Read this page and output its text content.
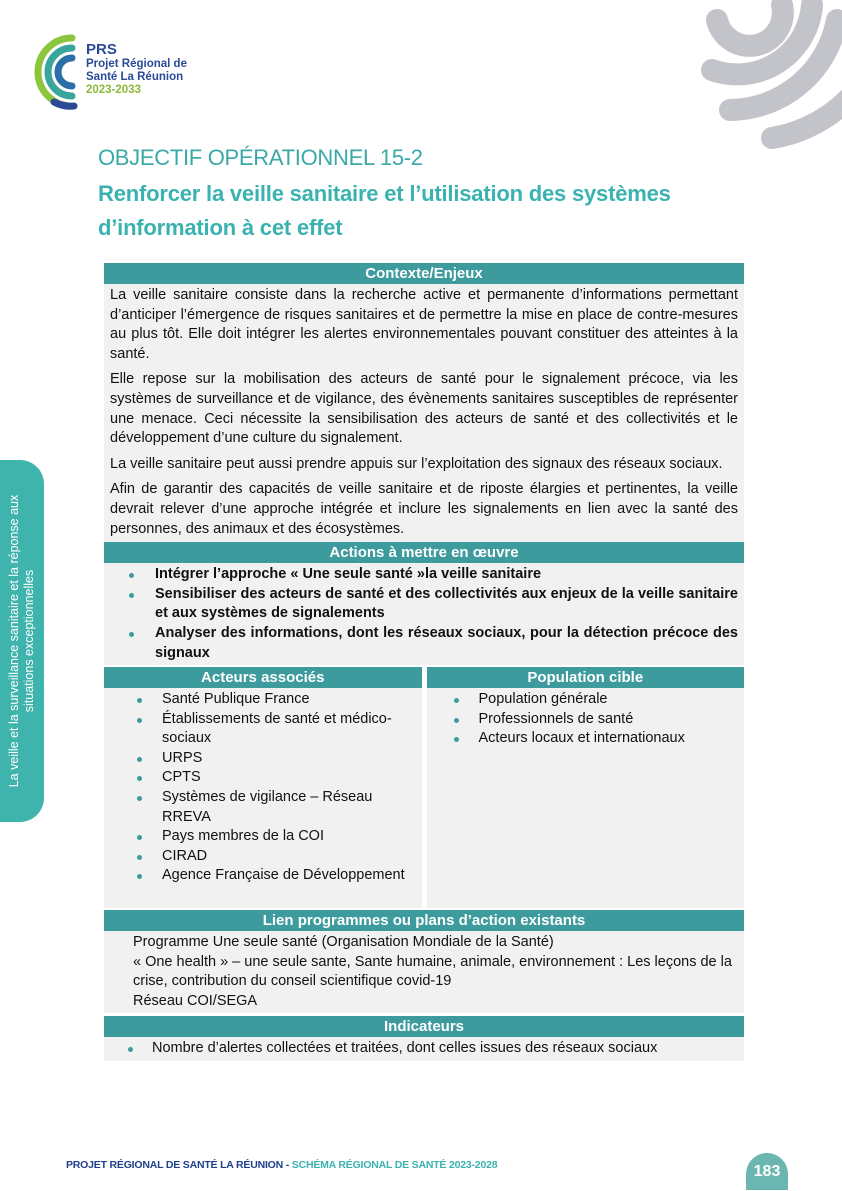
PRS
Projet Régional de
Santé La Réunion
2023-2033
La veille et la surveillance sanitaire et la réponse aux situations exceptionnelles
OBJECTIF OPÉRATIONNEL 15-2
Renforcer la veille sanitaire et l’utilisation des systèmes d’information à cet effet
Contexte/Enjeux

La veille sanitaire consiste dans la recherche active et permanente d’informations permettant d’anticiper l’émergence de risques sanitaires et de permettre la mise en place de contre-mesures au plus tôt. Elle doit intégrer les alertes environnementales pouvant constituer des atteintes à la santé.

Elle repose sur la mobilisation des acteurs de santé pour le signalement précoce, via les systèmes de surveillance et de vigilance, des évènements sanitaires susceptibles de représenter une menace. Ceci nécessite la sensibilisation des acteurs de santé et des collectivités et le développement d’une culture du signalement.

La veille sanitaire peut aussi prendre appuis sur l’exploitation des signaux des réseaux sociaux.

Afin de garantir des capacités de veille sanitaire et de riposte élargies et pertinentes, la veille devrait relever d’une approche intégrée et inclure les signalements en lien avec la santé des personnes, des animaux et des écosystèmes.

Actions à mettre en œuvre
Intégrer l’approche « Une seule santé »la veille sanitaire
Sensibiliser des acteurs de santé et des collectivités aux enjeux de la veille sanitaire et aux systèmes de signalements
Analyser des informations, dont les réseaux sociaux, pour la détection précoce des signaux
Acteurs associés
Santé Publique France
Établissements de santé et médico-sociaux
URPS
CPTS
Systèmes de vigilance – Réseau RREVA
Pays membres de la COI
CIRAD
Agence Française de Développement
Population cible
Population générale
Professionnels de santé
Acteurs locaux et internationaux
Lien programmes ou plans d’action existants
Programme Une seule santé (Organisation Mondiale de la Santé)
« One health » – une seule sante, Sante humaine, animale, environnement : Les leçons de la crise, contribution du conseil scientifique covid-19
Réseau COI/SEGA
Indicateurs
Nombre d’alertes collectées et traitées, dont celles issues des réseaux sociaux
PROJET RÉGIONAL DE SANTÉ LA RÉUNION - SCHÉMA RÉGIONAL DE SANTÉ 2023-2028	183
